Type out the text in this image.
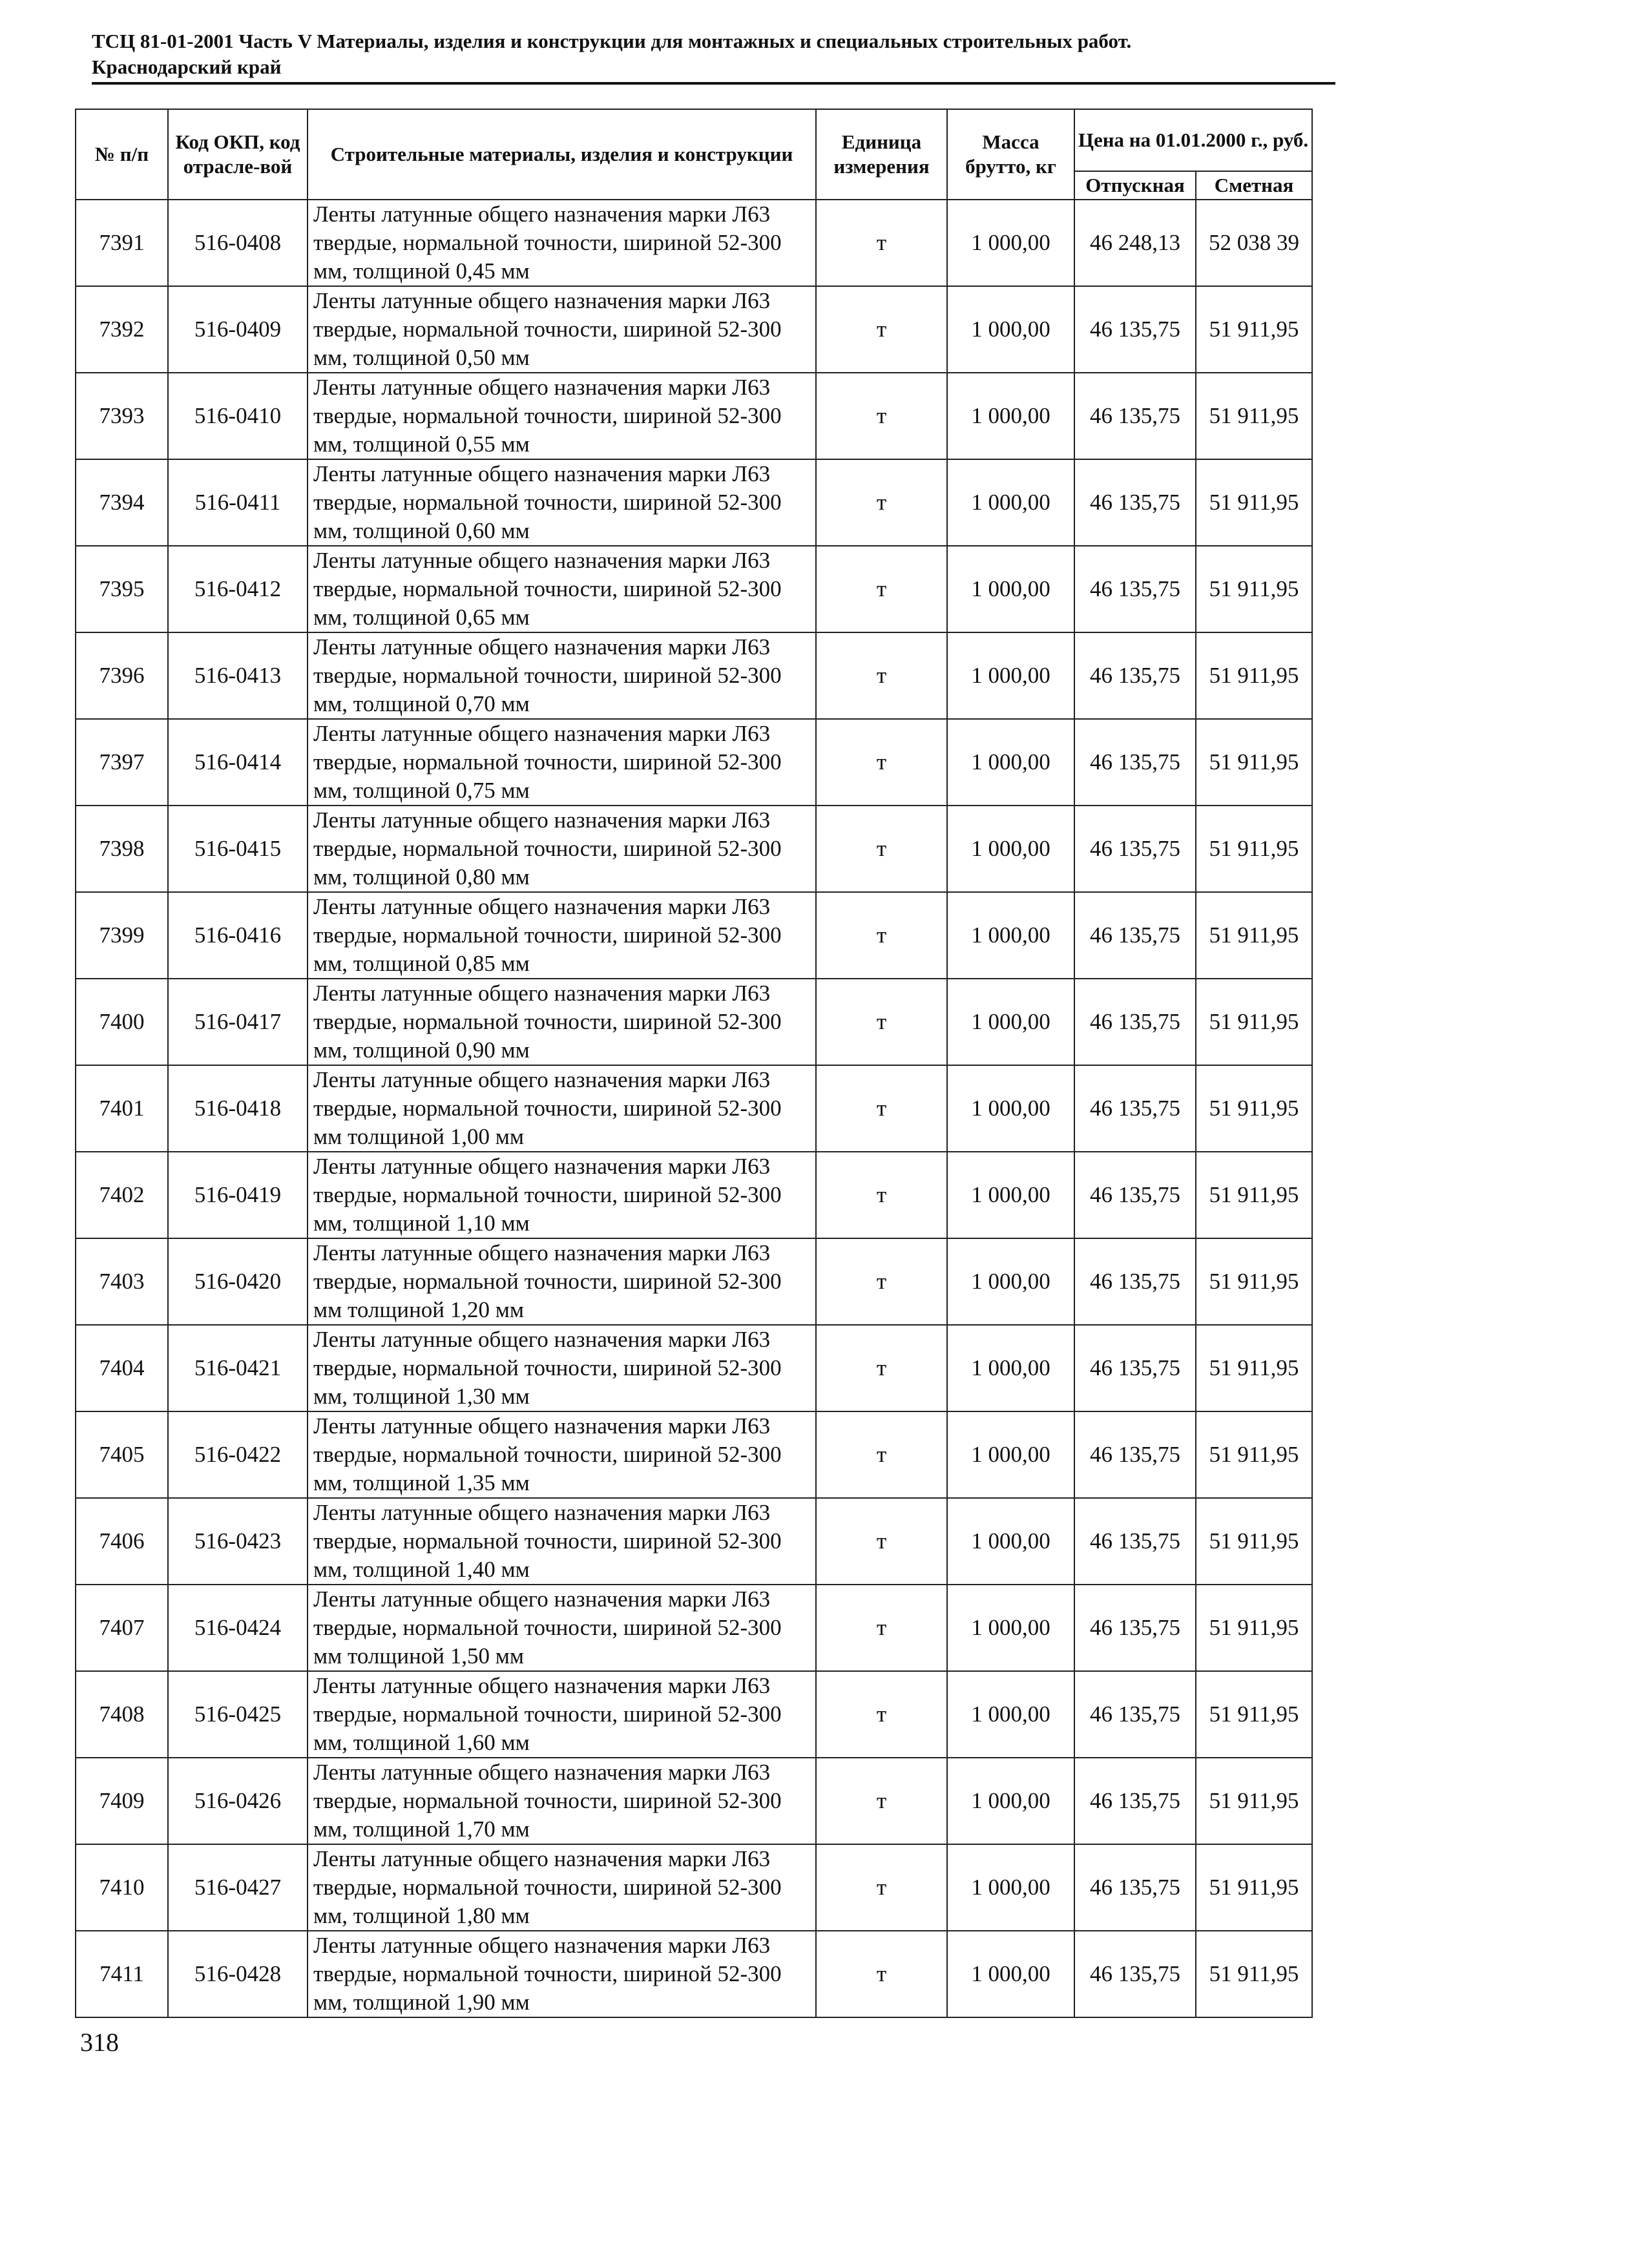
ТСЦ 81-01-2001 Часть V Материалы, изделия и конструкции для монтажных и специальных строительных работ.
Краснодарский край
№ п/п	Код ОКП, код отрасле-вой	Строительные материалы, изделия и конструкции	Единица измерения	Масса брутто, кг	Цена на 01.01.2000 г., руб.	
					Отпускная	Сметная
7391	516-0408	Ленты латунные общего назначения марки Л63 твердые, нормальной точности, шириной 52-300 мм, толщиной 0,45 мм	т	1 000,00	46 248,13	52 038 39
7392	516-0409	Ленты латунные общего назначения марки Л63 твердые, нормальной точности, шириной 52-300 мм, толщиной 0,50 мм	т	1 000,00	46 135,75	51 911,95
7393	516-0410	Ленты латунные общего назначения марки Л63 твердые, нормальной точности, шириной 52-300 мм, толщиной 0,55 мм	т	1 000,00	46 135,75	51 911,95
7394	516-0411	Ленты латунные общего назначения марки Л63 твердые, нормальной точности, шириной 52-300 мм, толщиной 0,60 мм	т	1 000,00	46 135,75	51 911,95
7395	516-0412	Ленты латунные общего назначения марки Л63 твердые, нормальной точности, шириной 52-300 мм, толщиной 0,65 мм	т	1 000,00	46 135,75	51 911,95
7396	516-0413	Ленты латунные общего назначения марки Л63 твердые, нормальной точности, шириной 52-300 мм, толщиной 0,70 мм	т	1 000,00	46 135,75	51 911,95
7397	516-0414	Ленты латунные общего назначения марки Л63 твердые, нормальной точности, шириной 52-300 мм, толщиной 0,75 мм	т	1 000,00	46 135,75	51 911,95
7398	516-0415	Ленты латунные общего назначения марки Л63 твердые, нормальной точности, шириной 52-300 мм, толщиной 0,80 мм	т	1 000,00	46 135,75	51 911,95
7399	516-0416	Ленты латунные общего назначения марки Л63 твердые, нормальной точности, шириной 52-300 мм, толщиной 0,85 мм	т	1 000,00	46 135,75	51 911,95
7400	516-0417	Ленты латунные общего назначения марки Л63 твердые, нормальной точности, шириной 52-300 мм, толщиной 0,90 мм	т	1 000,00	46 135,75	51 911,95
7401	516-0418	Ленты латунные общего назначения марки Л63 твердые, нормальной точности, шириной 52-300 мм толщиной 1,00 мм	т	1 000,00	46 135,75	51 911,95
7402	516-0419	Ленты латунные общего назначения марки Л63 твердые, нормальной точности, шириной 52-300 мм, толщиной 1,10 мм	т	1 000,00	46 135,75	51 911,95
7403	516-0420	Ленты латунные общего назначения марки Л63 твердые, нормальной точности, шириной 52-300 мм толщиной 1,20 мм	т	1 000,00	46 135,75	51 911,95
7404	516-0421	Ленты латунные общего назначения марки Л63 твердые, нормальной точности, шириной 52-300 мм, толщиной 1,30 мм	т	1 000,00	46 135,75	51 911,95
7405	516-0422	Ленты латунные общего назначения марки Л63 твердые, нормальной точности, шириной 52-300 мм, толщиной 1,35 мм	т	1 000,00	46 135,75	51 911,95
7406	516-0423	Ленты латунные общего назначения марки Л63 твердые, нормальной точности, шириной 52-300 мм, толщиной 1,40 мм	т	1 000,00	46 135,75	51 911,95
7407	516-0424	Ленты латунные общего назначения марки Л63 твердые, нормальной точности, шириной 52-300 мм толщиной 1,50 мм	т	1 000,00	46 135,75	51 911,95
7408	516-0425	Ленты латунные общего назначения марки Л63 твердые, нормальной точности, шириной 52-300 мм, толщиной 1,60 мм	т	1 000,00	46 135,75	51 911,95
7409	516-0426	Ленты латунные общего назначения марки Л63 твердые, нормальной точности, шириной 52-300 мм, толщиной 1,70 мм	т	1 000,00	46 135,75	51 911,95
7410	516-0427	Ленты латунные общего назначения марки Л63 твердые, нормальной точности, шириной 52-300 мм, толщиной 1,80 мм	т	1 000,00	46 135,75	51 911,95
7411	516-0428	Ленты латунные общего назначения марки Л63 твердые, нормальной точности, шириной 52-300 мм, толщиной 1,90 мм	т	1 000,00	46 135,75	51 911,95
318
